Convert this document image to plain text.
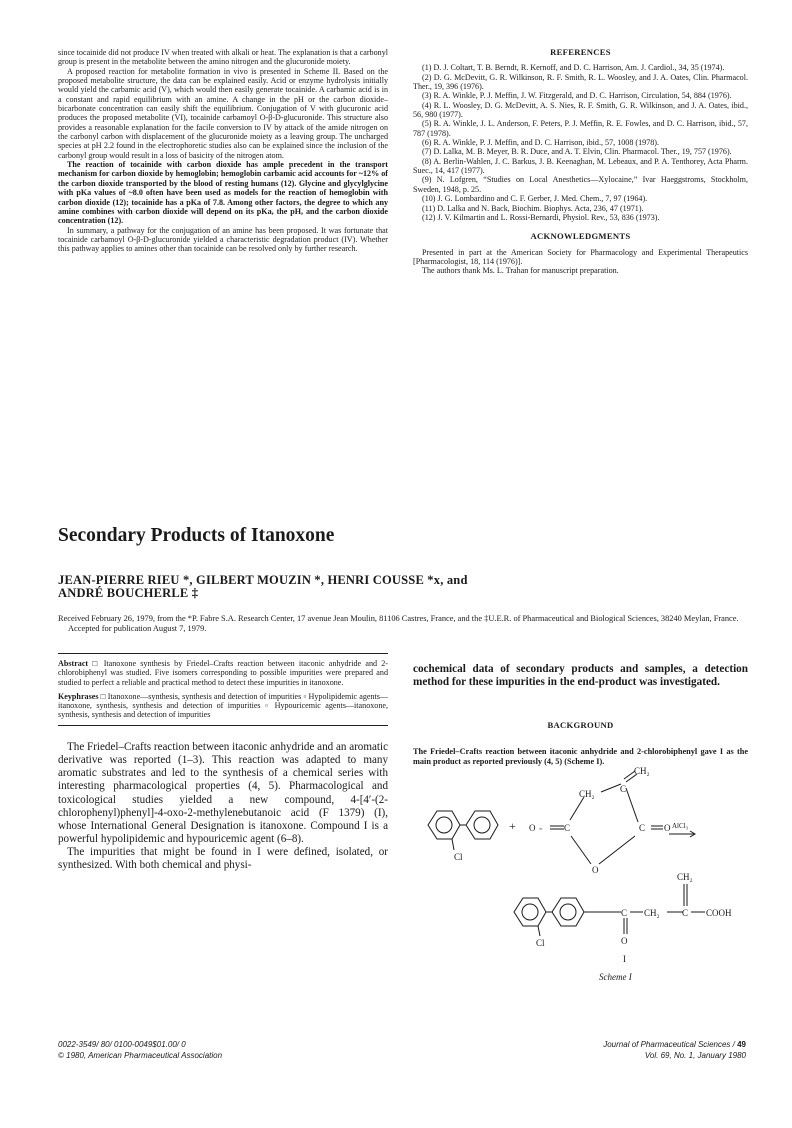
since tocainide did not produce IV when treated with alkali or heat. The explanation is that a carbonyl group is present in the metabolite between the amino nitrogen and the glucuronide moiety.

A proposed reaction for metabolite formation in vivo is presented in Scheme II. Based on the proposed metabolite structure, the data can be explained easily. Acid or enzyme hydrolysis initially would yield the carbamic acid (V), which would then easily generate tocainide. A carbamic acid is in a constant and rapid equilibrium with an amine. A change in the pH or the carbon dioxide–bicarbonate concentration can easily shift the equilibrium. Conjugation of V with glucuronic acid produces the proposed metabolite (VI), tocainide carbamoyl O-β-D-glucuronide. This structure also provides a reasonable explanation for the facile conversion to IV by attack of the amide nitrogen on the carbonyl carbon with displacement of the glucuronide moiety as a leaving group. The uncharged species at pH 2.2 found in the electrophoretic studies also can be explained since the inclusion of the carbonyl group would result in a loss of basicity of the nitrogen atom.

The reaction of tocainide with carbon dioxide has ample precedent in the transport mechanism for carbon dioxide by hemoglobin; hemoglobin carbamic acid accounts for ~12% of the carbon dioxide transported by the blood of resting humans (12). Glycine and glycylglycine with pKa values of ~8.0 often have been used as models for the reaction of hemoglobin with carbon dioxide (12); tocainide has a pKa of 7.8. Among other factors, the degree to which any amine combines with carbon dioxide will depend on its pKa, the pH, and the carbon dioxide concentration (12).

In summary, a pathway for the conjugation of an amine has been proposed. It was fortunate that tocainide carbamoyl O-β-D-glucuronide yielded a characteristic degradation product (IV). Whether this pathway applies to amines other than tocainide can be resolved only by further research.

REFERENCES

(1) D. J. Coltart, T. B. Berndt, R. Kernoff, and D. C. Harrison, Am. J. Cardiol., 34, 35 (1974).

(2) D. G. McDevitt, G. R. Wilkinson, R. F. Smith, R. L. Woosley, and J. A. Oates, Clin. Pharmacol. Ther., 19, 396 (1976).

(3) R. A. Winkle, P. J. Meffin, J. W. Fitzgerald, and D. C. Harrison, Circulation, 54, 884 (1976).

(4) R. L. Woosley, D. G. McDevitt, A. S. Nies, R. F. Smith, G. R. Wilkinson, and J. A. Oates, ibid., 56, 980 (1977).

(5) R. A. Winkle, J. L. Anderson, F. Peters, P. J. Meffin, R. E. Fowles, and D. C. Harrison, ibid., 57, 787 (1978).

(6) R. A. Winkle, P. J. Meffin, and D. C. Harrison, ibid., 57, 1008 (1978).

(7) D. Lalka, M. B. Meyer, B. R. Duce, and A. T. Elvin, Clin. Pharmacol. Ther., 19, 757 (1976).

(8) A. Berlin-Wahlen, J. C. Barkus, J. B. Keenaghan, M. Lebeaux, and P. A. Tenthorey, Acta Pharm. Suec., 14, 417 (1977).

(9) N. Lofgren, “Studies on Local Anesthetics—Xylocaine,” Ivar Haeggstroms, Stockholm, Sweden, 1948, p. 25.

(10) J. G. Lombardino and C. F. Gerber, J. Med. Chem., 7, 97 (1964).

(11) D. Lalka and N. Back, Biochim. Biophys. Acta, 236, 47 (1971).

(12) J. V. Kilmartin and L. Rossi-Bernardi, Physiol. Rev., 53, 836 (1973).

ACKNOWLEDGMENTS

Presented in part at the American Society for Pharmacology and Experimental Therapeutics [Pharmacologist, 18, 114 (1976)].

The authors thank Ms. L. Trahan for manuscript preparation.

Secondary Products of Itanoxone
JEAN-PIERRE RIEU *, GILBERT MOUZIN *, HENRI COUSSE *x, and
ANDRÉ BOUCHERLE ‡
Received February 26, 1979, from the *P. Fabre S.A. Research Center, 17 avenue Jean Moulin, 81106 Castres, France, and the ‡U.E.R. of Pharmaceutical and Biological Sciences, 38240 Meylan, France. Accepted for publication August 7, 1979.

Abstract □ Itanoxone synthesis by Friedel–Crafts reaction between itaconic anhydride and 2-chlorobiphenyl was studied. Five isomers corresponding to possible impurities were prepared and studied to perfect a reliable and practical method to detect these impurities in itanoxone.

Keyphrases □ Itanoxone—synthesis, synthesis and detection of impurities ▫ Hypolipidemic agents—itanoxone, synthesis, synthesis and detection of impurities ▫ Hypouricemic agents—itanoxone, synthesis, synthesis and detection of impurities

cochemical data of secondary products and samples, a detection method for these impurities in the end-product was investigated.

BACKGROUND

The Friedel–Crafts reaction between itaconic anhydride and 2-chlorobiphenyl gave I as the main product as reported previously (4, 5) (Scheme I).

The Friedel–Crafts reaction between itaconic anhydride and an aromatic derivative was reported (1–3). This reaction was adapted to many aromatic substrates and led to the synthesis of a chemical series with interesting pharmacological properties (4, 5). Pharmacological and toxicological studies yielded a new compound, 4-[4′-(2-chlorophenyl)phenyl]-4-oxo-2-methylenebutanoic acid (F 1379) (I), whose International General Designation is itanoxone. Compound I is a powerful hypolipidemic and hypouricemic agent (6–8).

The impurities that might be found in I were defined, isolated, or synthesized. With both chemical and physi-

Cl
+ O = C
CH₂	C
CH₂
C O
O
AlCl₃
CH₂
C CH₂ C COOH
O
Cl
I
Scheme I
0022-3549/ 80/ 0100-0049$01.00/ 0
© 1980, American Pharmaceutical Association
Journal of Pharmaceutical Sciences / 49
Vol. 69, No. 1, January 1980
